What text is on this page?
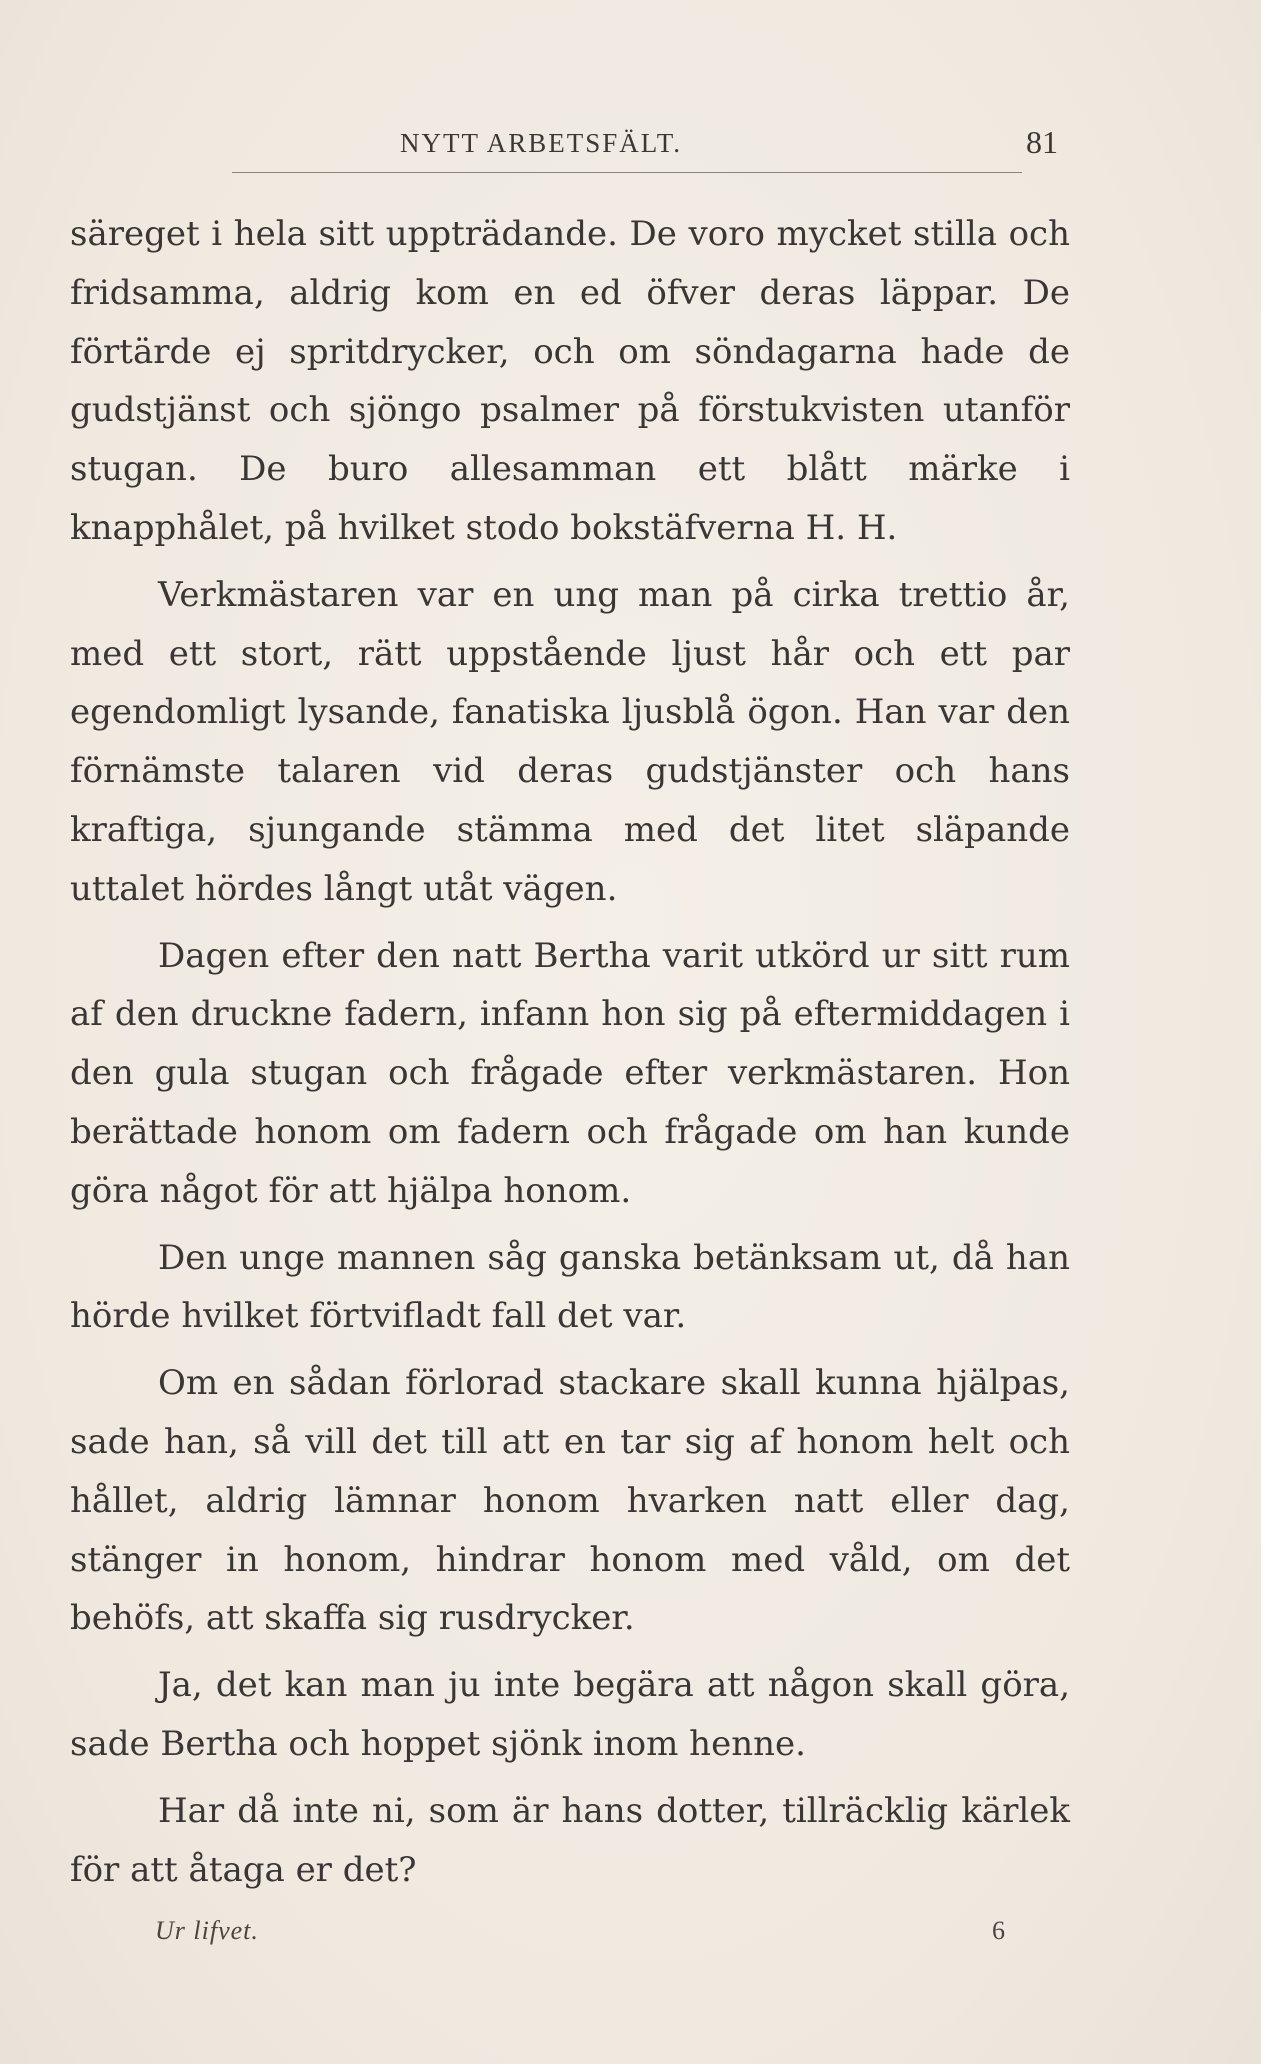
NYTT ARBETSFÄLT.	81

säreget i hela sitt uppträdande. De voro mycket stilla och fridsamma, aldrig kom en ed öfver deras läppar. De förtärde ej spritdrycker, och om söndagarna hade de gudstjänst och sjöngo psalmer på förstukvisten utanför stugan. De buro allesamman ett blått märke i knapphålet, på hvilket stodo bokstäfverna H. H.

Verkmästaren var en ung man på cirka trettio år, med ett stort, rätt uppstående ljust hår och ett par egendomligt lysande, fanatiska ljusblå ögon. Han var den förnämste talaren vid deras gudstjänster och hans kraftiga, sjungande stämma med det litet släpande uttalet hördes långt utåt vägen.

Dagen efter den natt Bertha varit utkörd ur sitt rum af den druckne fadern, infann hon sig på eftermiddagen i den gula stugan och frågade efter verkmästaren. Hon berättade honom om fadern och frågade om han kunde göra något för att hjälpa honom.

Den unge mannen såg ganska betänksam ut, då han hörde hvilket förtvifladt fall det var.

Om en sådan förlorad stackare skall kunna hjälpas, sade han, så vill det till att en tar sig af honom helt och hållet, aldrig lämnar honom hvarken natt eller dag, stänger in honom, hindrar honom med våld, om det behöfs, att skaffa sig rusdrycker.

Ja, det kan man ju inte begära att någon skall göra, sade Bertha och hoppet sjönk inom henne.

Har då inte ni, som är hans dotter, tillräcklig kärlek för att åtaga er det?

Ur lifvet.	6
